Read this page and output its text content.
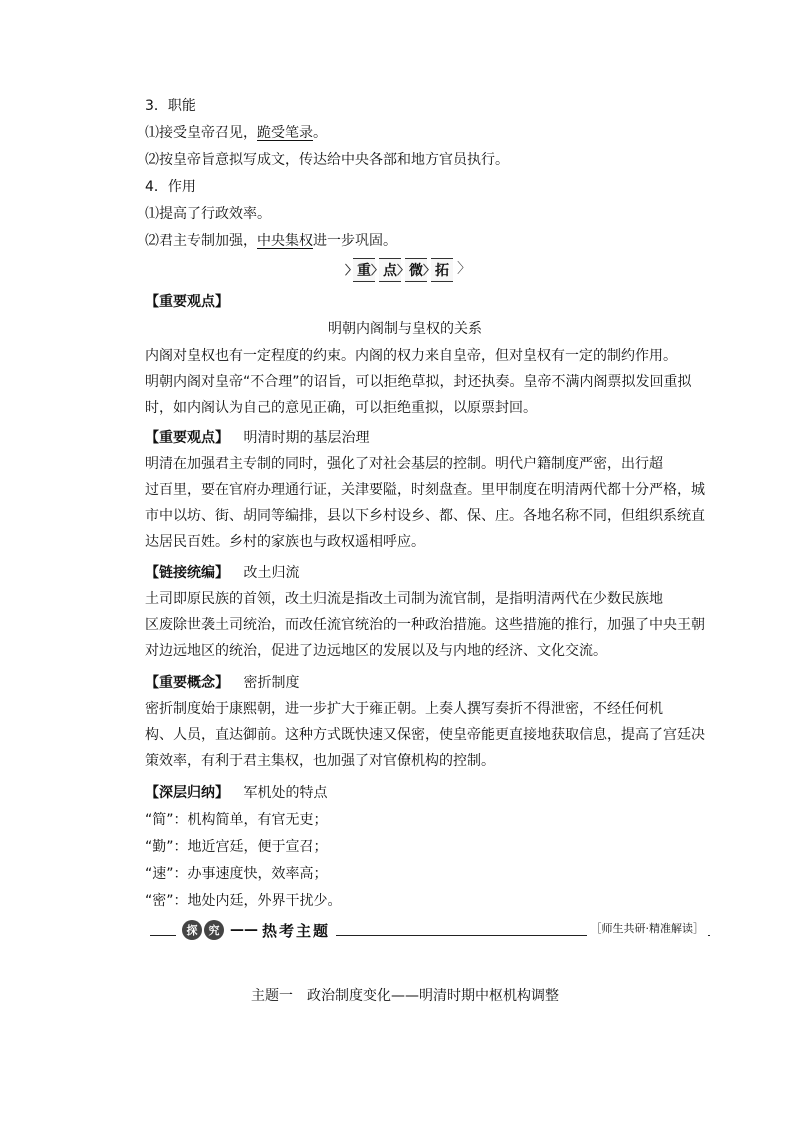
3．职能
⑴接受皇帝召见，跪受笔录。
⑵按皇帝旨意拟写成文，传达给中央各部和地方官员执行。
4．作用
⑴提高了行政效率。
⑵君主专制加强，中央集权进一步巩固。
〉 重 〉 点 〉 微 〉 拓 〉
【重要观点】
明朝内阁制与皇权的关系
内阁对皇权也有一定程度的约束。内阁的权力来自皇帝，但对皇权有一定的制约作用。
明朝内阁对皇帝“不合理”的诏旨，可以拒绝草拟，封还执奏。皇帝不满内阁票拟发回重拟
时，如内阁认为自己的意见正确，可以拒绝重拟，以原票封回。
【重要观点】 明清时期的基层治理
明清在加强君主专制的同时，强化了对社会基层的控制。明代户籍制度严密，出行超
过百里，要在官府办理通行证，关津要隘，时刻盘查。里甲制度在明清两代都十分严格，城
市中以坊、街、胡同等编排，县以下乡村设乡、都、保、庄。各地名称不同，但组织系统直
达居民百姓。乡村的家族也与政权遥相呼应。
【链接统编】 改土归流
土司即原民族的首领，改土归流是指改土司制为流官制，是指明清两代在少数民族地
区废除世袭土司统治，而改任流官统治的一种政治措施。这些措施的推行，加强了中央王朝
对边远地区的统治，促进了边远地区的发展以及与内地的经济、文化交流。
【重要概念】 密折制度
密折制度始于康熙朝，进一步扩大于雍正朝。上奏人撰写奏折不得泄密，不经任何机
构、人员，直达御前。这种方式既快速又保密，使皇帝能更直接地获取信息，提高了宫廷决
策效率，有利于君主集权，也加强了对官僚机构的控制。
【深层归纳】 军机处的特点
“简”：机构简单，有官无吏；
“勤”：地近宫廷，便于宣召；
“速”：办事速度快，效率高；
“密”：地处内廷，外界干扰少。
探	究 —— 热考主题	［师生共研·精准解读］
主题一　政治制度变化——明清时期中枢机构调整
